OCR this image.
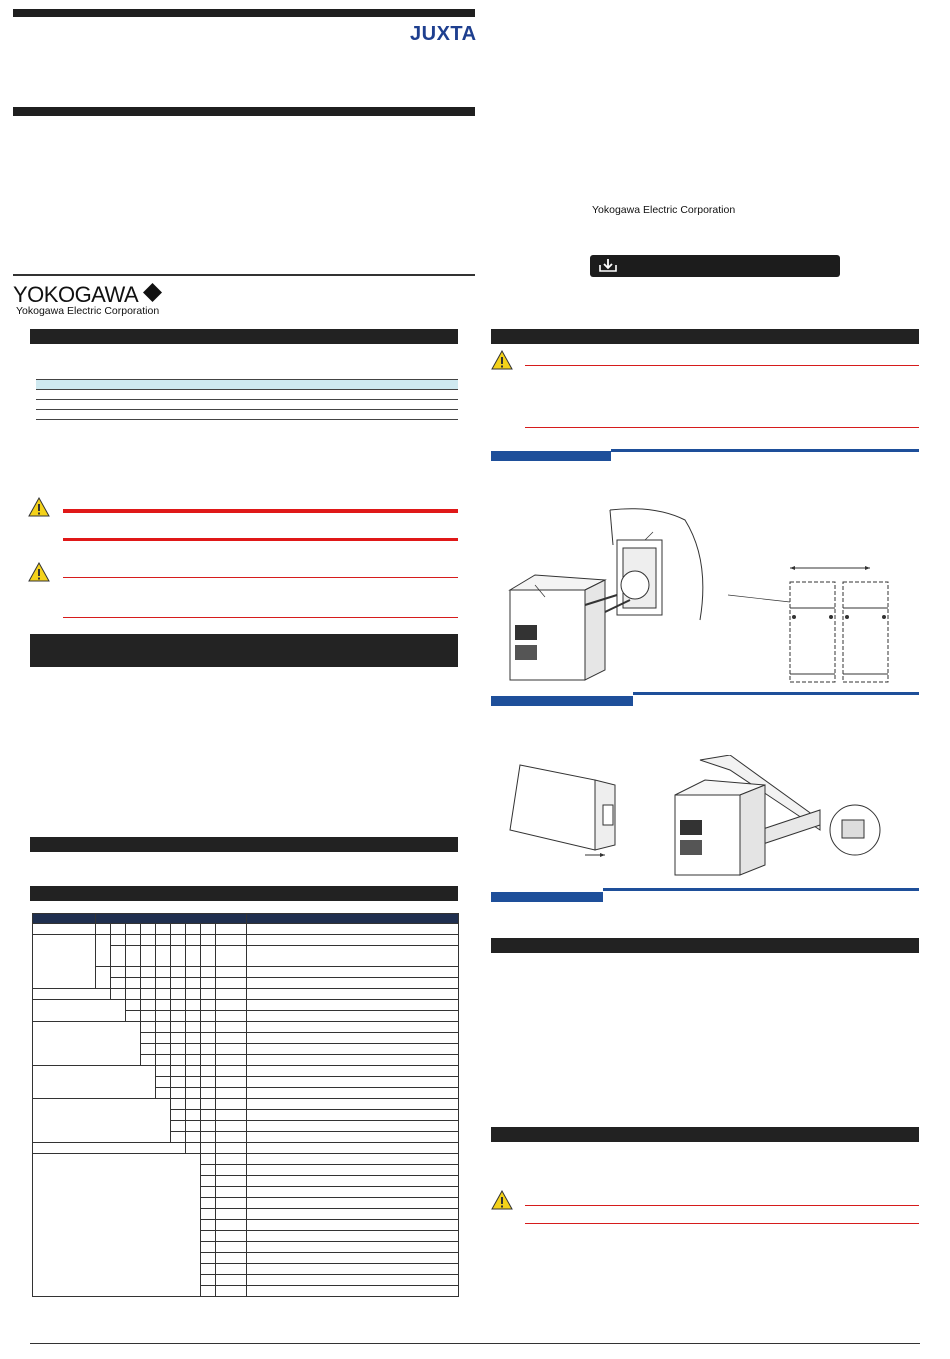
JUXTA
YOKOGAWA
Yokogawa Electric Corporation

Yokogawa Electric Corporation
